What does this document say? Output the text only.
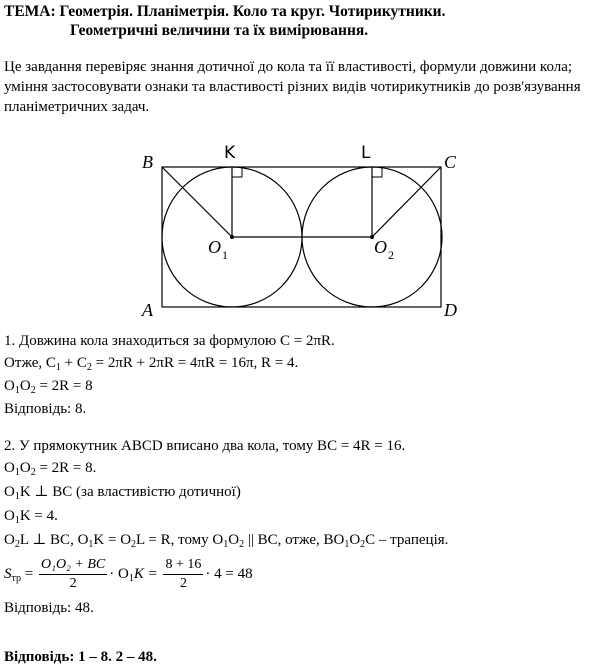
ТЕМА: Геометрія. Планіметрія. Коло та круг. Чотирикутники.
Геометричні величини та їх вимірювання.
Це завдання перевіряє знання дотичної до кола та її властивості, формули довжини кола; уміння застосовувати ознаки та властивості різних видів чотирикутників до розв'язування планіметричних задач.
B	C
A	D
K	L
O 1	O 2
1. Довжина кола знаходиться за формулою C = 2πR.
Отже, $C_1 + C_2 = 2\pi R + 2\pi R = 4\pi R = 16\pi$, R = 4.
$O_1O_2 = 2R = 8$
Відповідь: 8.
2. У прямокутник ABCD вписано два кола, тому BC = 4R = 16.
$O_1O_2 = 2R = 8$.
$O_1K$ ⊥ BC (за властивістю дотичної)
$O_1K = 4$.
$O_2L$ ⊥ BC, $O_1K = O_2L = R$, тому $O_1O_2$ || BC, отже, $BO_1O_2C$ – трапеція.
$S_{тр} = \frac{\text{O₁O₂ + BC}}{2} \cdot O_1K = \frac{8 + 16}{2} \cdot 4 = 48$
Відповідь: 48.
Відповідь: 1 – 8. 2 – 48.
